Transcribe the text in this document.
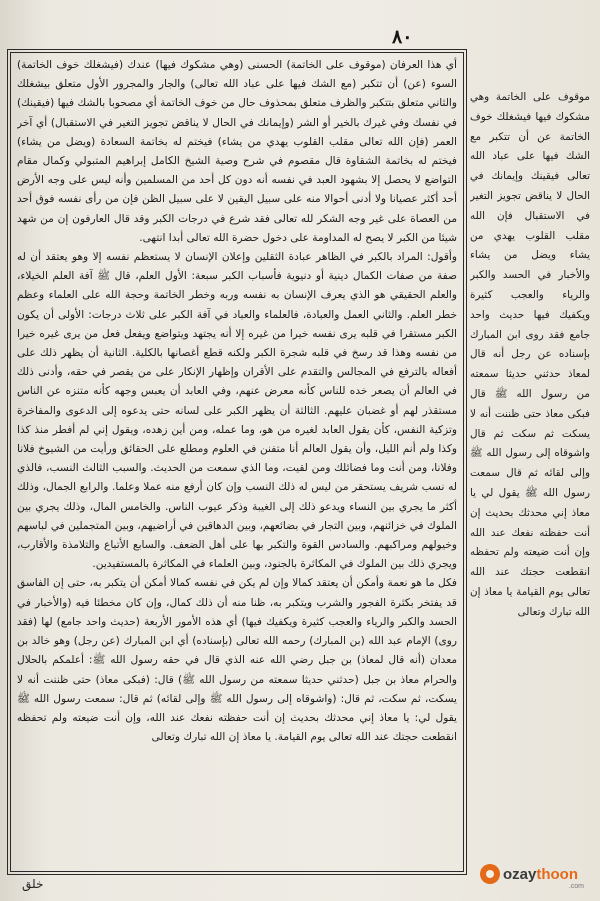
٨٠

أي هذا العرفان (موقوف على الخاتمة) الحسنى (وهي مشكوك فيها) عندك (فيشغلك خوف الخاتمة) السوء (عن) أن تتكبر (مع الشك فيها على عباد الله تعالى) والجار والمجرور الأول متعلق بيشغلك والثاني متعلق بتتكبر والظرف متعلق بمحذوف حال من خوف الخاتمة أي مصحوبا بالشك فيها (فيقينك) في نفسك وفي غيرك بالخير أو الشر (وإيمانك في الحال لا يناقض تجويز التغير في الاستقبال) أي آخر العمر (فإن الله تعالى مقلب القلوب يهدي من يشاء) فيختم له بخاتمة السعادة (ويضل من يشاء) فيختم له بخاتمة الشقاوة قال مقصوم في شرح وصية الشيخ الكامل إبراهيم المتبولي وكمال مقام التواضع لا يحصل إلا بشهود العبد في نفسه أنه دون كل أحد من المسلمين وأنه ليس على وجه الأرض أحد أكثر عصيانا ولا أدنى أحوالا منه على سبيل اليقين لا على سبيل الظن فإن من رأى نفسه فوق أحد من العصاة على غير وجه الشكر لله تعالى فقد شرع في درجات الكبر وقد قال العارفون إن من شهد شيئا من الكبر لا يصح له المداومة على دخول حضرة الله تعالى أبدا انتهى.

وأقول: المراد بالكبر في الظاهر عبادة الثقلين وإعلان الإنسان لا يستعظم نفسه إلا وهو يعتقد أن له صفة من صفات الكمال دينية أو دنيوية فأسباب الكبر سبعة: الأول العلم، قال ﷺ آفة العلم الخيلاء، والعلم الحقيقي هو الذي يعرف الإنسان به نفسه وربه وخطر الخاتمة وحجة الله على العلماء وعظم خطر العلم. والثاني العمل والعبادة، فالعلماء والعباد في آفة الكبر على ثلاث درجات: الأولى أن يكون الكبر مستقرا في قلبه يرى نفسه خيرا من غيره إلا أنه يجتهد ويتواضع ويفعل فعل من يرى غيره خيرا من نفسه وهذا قد رسخ في قلبه شجرة الكبر ولكنه قطع أغصانها بالكلية. الثانية أن يظهر ذلك على أفعاله بالترفع في المجالس والتقدم على الأقران وإظهار الإنكار على من يقصر في حقه، وأدنى ذلك في العالم أن يصعر خده للناس كأنه معرض عنهم، وفي العابد أن يعبس وجهه كأنه متنزه عن الناس مستقذر لهم أو غضبان عليهم. الثالثة أن يظهر الكبر على لسانه حتى يدعوه إلى الدعوى والمفاخرة وتزكية النفس، كأن يقول العابد لغيره من هو، وما عمله، ومن أين زهده، ويقول إني لم أفطر منذ كذا وكذا ولم أنم الليل، وأن يقول العالم أنا متفنن في العلوم ومطلع على الحقائق ورأيت من الشيوخ فلانا وفلانا، ومن أنت وما فضائلك ومن لقيت، وما الذي سمعت من الحديث. والسبب الثالث النسب، فالذي له نسب شريف يستحقر من ليس له ذلك النسب وإن كان أرفع منه عملا وعلما. والرابع الجمال، وذلك أكثر ما يجري بين النساء ويدعو ذلك إلى الغيبة وذكر عيوب الناس. والخامس المال، وذلك يجري بين الملوك في خزائنهم، وبين التجار في بضائعهم، وبين الدهاقين في أراضيهم، وبين المتجملين في لباسهم وخيولهم ومراكبهم. والسادس القوة والتكبر بها على أهل الضعف. والسابع الأتباع والتلامذة والأقارب، ويجري ذلك بين الملوك في المكاثرة بالجنود، وبين العلماء في المكاثرة بالمستفيدين.

فكل ما هو نعمة وأمكن أن يعتقد كمالا وإن لم يكن في نفسه كمالا أمكن أن يتكبر به، حتى إن الفاسق قد يفتخر بكثرة الفجور والشرب ويتكبر به، ظنا منه أن ذلك كمال، وإن كان مخطئا فيه (والأخبار في الحسد والكبر والرياء والعجب كثيرة ويكفيك فيها) أي هذه الأمور الأربعة (حديث واحد جامع) لها (فقد روى) الإمام عبد الله (بن المبارك) رحمه الله تعالى (بإسناده) أي ابن المبارك (عن رجل) وهو خالد بن معدان (أنه قال لمعاذ) بن جبل رضي الله عنه الذي قال في حقه رسول الله ﷺ: أعلمكم بالحلال والحرام معاذ بن جبل (حدثني حديثا سمعته من رسول الله ﷺ) قال: (فبكى معاذ) حتى ظننت أنه لا يسكت، ثم سكت، ثم قال: (واشوقاه إلى رسول الله ﷺ وإلى لقائه) ثم قال: سمعت رسول الله ﷺ يقول لي: يا معاذ إني محدثك بحديث إن أنت حفظته نفعك عند الله، وإن أنت ضيعته ولم تحفظه انقطعت حجتك عند الله تعالى يوم القيامة. يا معاذ إن الله تبارك وتعالى

موقوف على الخاتمة وهي مشكوك فيها فيشغلك خوف الخاتمة عن أن تتكبر مع الشك فيها على عباد الله تعالى فيقينك وإيمانك في الحال لا يناقض تجويز التغير في الاستقبال فإن الله مقلب القلوب يهدي من يشاء ويضل من يشاء والأخبار في الحسد والكبر والرياء والعجب كثيرة ويكفيك فيها حديث واحد جامع فقد روى ابن المبارك بإسناده عن رجل أنه قال لمعاذ حدثني حديثا سمعته من رسول الله ﷺ قال فبكى معاذ حتى ظننت أنه لا يسكت ثم سكت ثم قال واشوقاه إلى رسول الله ﷺ وإلى لقائه ثم قال سمعت رسول الله ﷺ يقول لي يا معاذ إني محدثك بحديث إن أنت حفظته نفعك عند الله وإن أنت ضيعته ولم تحفظه انقطعت حجتك عند الله تعالى يوم القيامة يا معاذ إن الله تبارك وتعالى

خلق
ozaythoon
.com
